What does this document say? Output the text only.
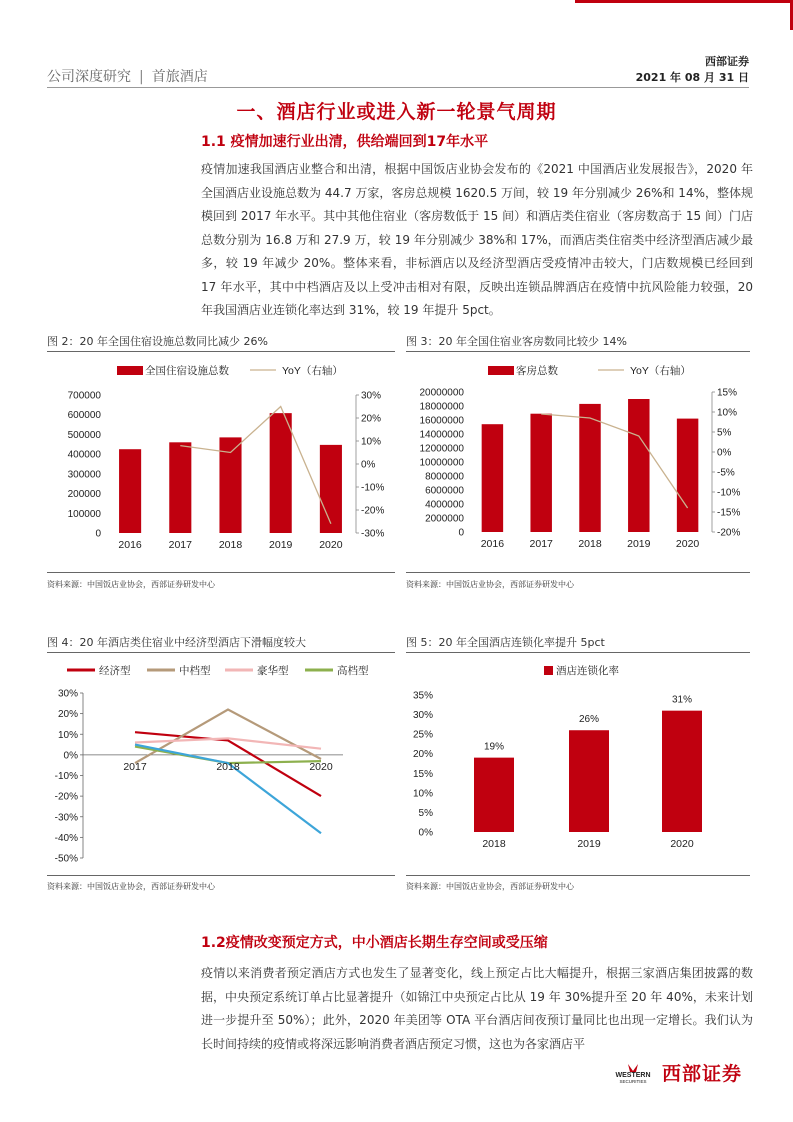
公司深度研究 | 首旅酒店
西部证券
2021 年 08 月 31 日
一、酒店行业或进入新一轮景气周期
1.1 疫情加速行业出清，供给端回到17年水平
疫情加速我国酒店业整合和出清，根据中国饭店业协会发布的《2021 中国酒店业发展报告》，2020 年全国酒店业设施总数为 44.7 万家，客房总规模 1620.5 万间，较 19 年分别减少 26%和 14%，整体规模回到 2017 年水平。其中其他住宿业（客房数低于 15 间）和酒店类住宿业（客房数高于 15 间）门店总数分别为 16.8 万和 27.9 万，较 19 年分别减少 38%和 17%，而酒店类住宿类中经济型酒店减少最多，较 19 年减少 20%。整体来看，非标酒店以及经济型酒店受疫情冲击较大，门店数规模已经回到 17 年水平，其中中档酒店及以上受冲击相对有限，反映出连锁品牌酒店在疫情中抗风险能力较强，20 年我国酒店业连锁化率达到 31%，较 19 年提升 5pct。
图 2：20 年全国住宿设施总数同比减少 26%
全国住宿设施总数	YoY（右轴）
0
100000
200000
300000
400000
500000
600000
700000
-30%
-20%
-10%
0%
10%
20%
30%
2016	2017	2018	2019	2020
资料来源：中国饭店业协会，西部证券研发中心
图 3：20 年全国住宿业客房数同比较少 14%
客房总数	YoY（右轴）
0
2000000
4000000
6000000
8000000
10000000
12000000
14000000
16000000
18000000
20000000
-20%
-15%
-10%
-5%
0%
5%
10%
15%
2016 2017 2018 2019 2020
资料来源：中国饭店业协会，西部证券研发中心
图 4：20 年酒店类住宿业中经济型酒店下滑幅度较大
经济型	中档型	豪华型	高档型
-50%
-40%
-30%
-20%
-10%
0%
10%
20%
30%
2017	2018	2020
资料来源：中国饭店业协会，西部证券研发中心
图 5：20 年全国酒店连锁化率提升 5pct
酒店连锁化率
0%
5%
10%
15%
20%
25%
30%
35%
19%
2018
26%
2019
31%
2020
资料来源：中国饭店业协会，西部证券研发中心
1.2疫情改变预定方式，中小酒店长期生存空间或受压缩
疫情以来消费者预定酒店方式也发生了显著变化，线上预定占比大幅提升，根据三家酒店集团披露的数据，中央预定系统订单占比显著提升（如锦江中央预定占比从 19 年 30%提升至 20 年 40%，未来计划进一步提升至 50%）；此外，2020 年美团等 OTA 平台酒店间夜预订量同比也出现一定增长。我们认为长时间持续的疫情或将深远影响消费者酒店预定习惯，这也为各家酒店平
WESTERN
SECURITIES 西部证券
